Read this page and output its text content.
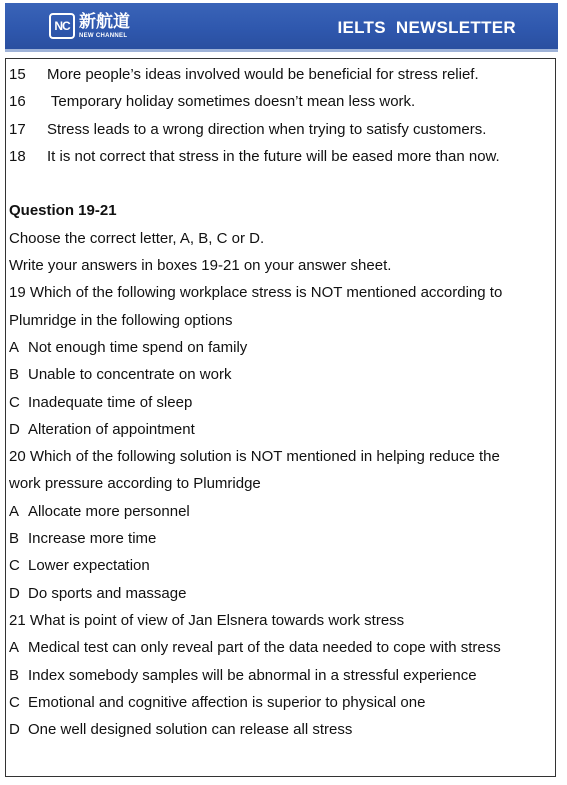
NC 新航道
NEW CHANNEL	IELTS  NEWSLETTER
15 More people’s ideas involved would be beneficial for stress relief.
16 Temporary holiday sometimes doesn’t mean less work.
17 Stress leads to a wrong direction when trying to satisfy customers.
18 It is not correct that stress in the future will be eased more than now.
Question 19-21
Choose the correct letter, A, B, C or D.
Write your answers in boxes 19-21 on your answer sheet.
19 Which of the following workplace stress is NOT mentioned according to
Plumridge in the following options
A Not enough time spend on family
B Unable to concentrate on work
C Inadequate time of sleep
D Alteration of appointment
20 Which of the following solution is NOT mentioned in helping reduce the
work pressure according to Plumridge
A Allocate more personnel
B Increase more time
C Lower expectation
D Do sports and massage
21 What is point of view of Jan Elsnera towards work stress
A Medical test can only reveal part of the data needed to cope with stress
B Index somebody samples will be abnormal in a stressful experience
C Emotional and cognitive affection is superior to physical one
D One well designed solution can release all stress
